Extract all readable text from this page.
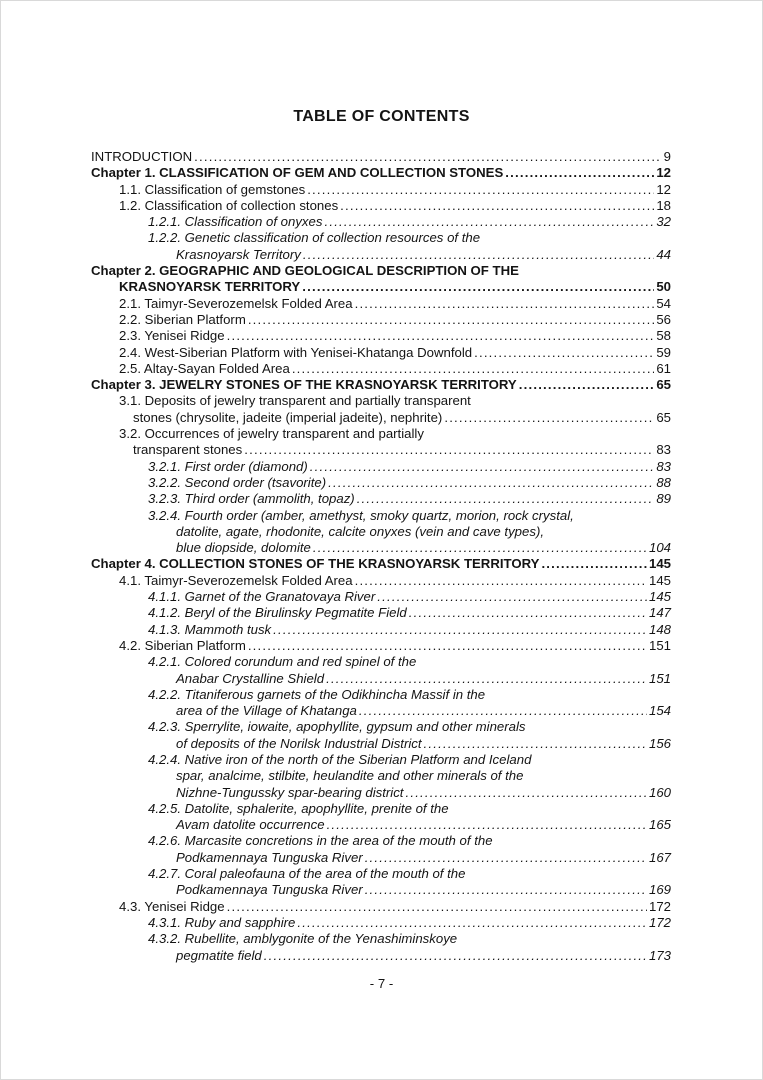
TABLE OF CONTENTS
INTRODUCTION .....	9
Chapter 1. CLASSIFICATION OF GEM AND COLLECTION STONES .....	12
1.1. Classification of gemstones .....	12
1.2. Classification of collection stones .....	18
1.2.1. Classification of onyxes .....	32
1.2.2. Genetic classification of collection resources of the
Krasnoyarsk Territory .....	44
Chapter 2. GEOGRAPHIC AND GEOLOGICAL DESCRIPTION OF THE
KRASNOYARSK TERRITORY .....	50
2.1. Taimyr-Severozemelsk Folded Area .....	54
2.2. Siberian Platform .....	56
2.3. Yenisei Ridge .....	58
2.4. West-Siberian Platform with Yenisei-Khatanga Downfold .....	59
2.5. Altay-Sayan Folded Area .....	61
Chapter 3. JEWELRY STONES OF THE KRASNOYARSK TERRITORY .....	65
3.1. Deposits of jewelry transparent and partially transparent
stones (chrysolite, jadeite (imperial jadeite), nephrite) .....	65
3.2. Occurrences of jewelry transparent and partially
transparent stones .....	83
3.2.1. First order (diamond) .....	83
3.2.2. Second order (tsavorite) .....	88
3.2.3. Third order (ammolith, topaz) .....	89
3.2.4. Fourth order (amber, amethyst, smoky quartz, morion, rock crystal,
datolite, agate, rhodonite, calcite onyxes (vein and cave types),
blue diopside, dolomite .....	104
Chapter 4. COLLECTION STONES OF THE KRASNOYARSK TERRITORY .....	145
4.1. Taimyr-Severozemelsk Folded Area .....	145
4.1.1. Garnet of the Granatovaya River .....	145
4.1.2. Beryl of the Birulinsky Pegmatite Field .....	147
4.1.3. Mammoth tusk .....	148
4.2. Siberian Platform .....	151
4.2.1. Colored corundum and red spinel of the
Anabar Crystalline Shield .....	151
4.2.2. Titaniferous garnets of the Odikhincha Massif in the
area of the Village of Khatanga .....	154
4.2.3. Sperrylite, iowaite, apophyllite, gypsum and other minerals
of deposits of the Norilsk Industrial District .....	156
4.2.4. Native iron of the north of the Siberian Platform and Iceland
spar, analcime, stilbite, heulandite and other minerals of the
Nizhne-Tungussky spar-bearing district .....	160
4.2.5. Datolite, sphalerite, apophyllite, prenite of the
Avam datolite occurrence .....	165
4.2.6. Marcasite concretions in the area of the mouth of the
Podkamennaya Tunguska River .....	167
4.2.7. Coral paleofauna of the area of the mouth of the
Podkamennaya Tunguska River .....	169
4.3. Yenisei Ridge .....	172
4.3.1. Ruby and sapphire .....	172
4.3.2. Rubellite, amblygonite of the Yenashiminskoye
pegmatite field .....	173
- 7 -
